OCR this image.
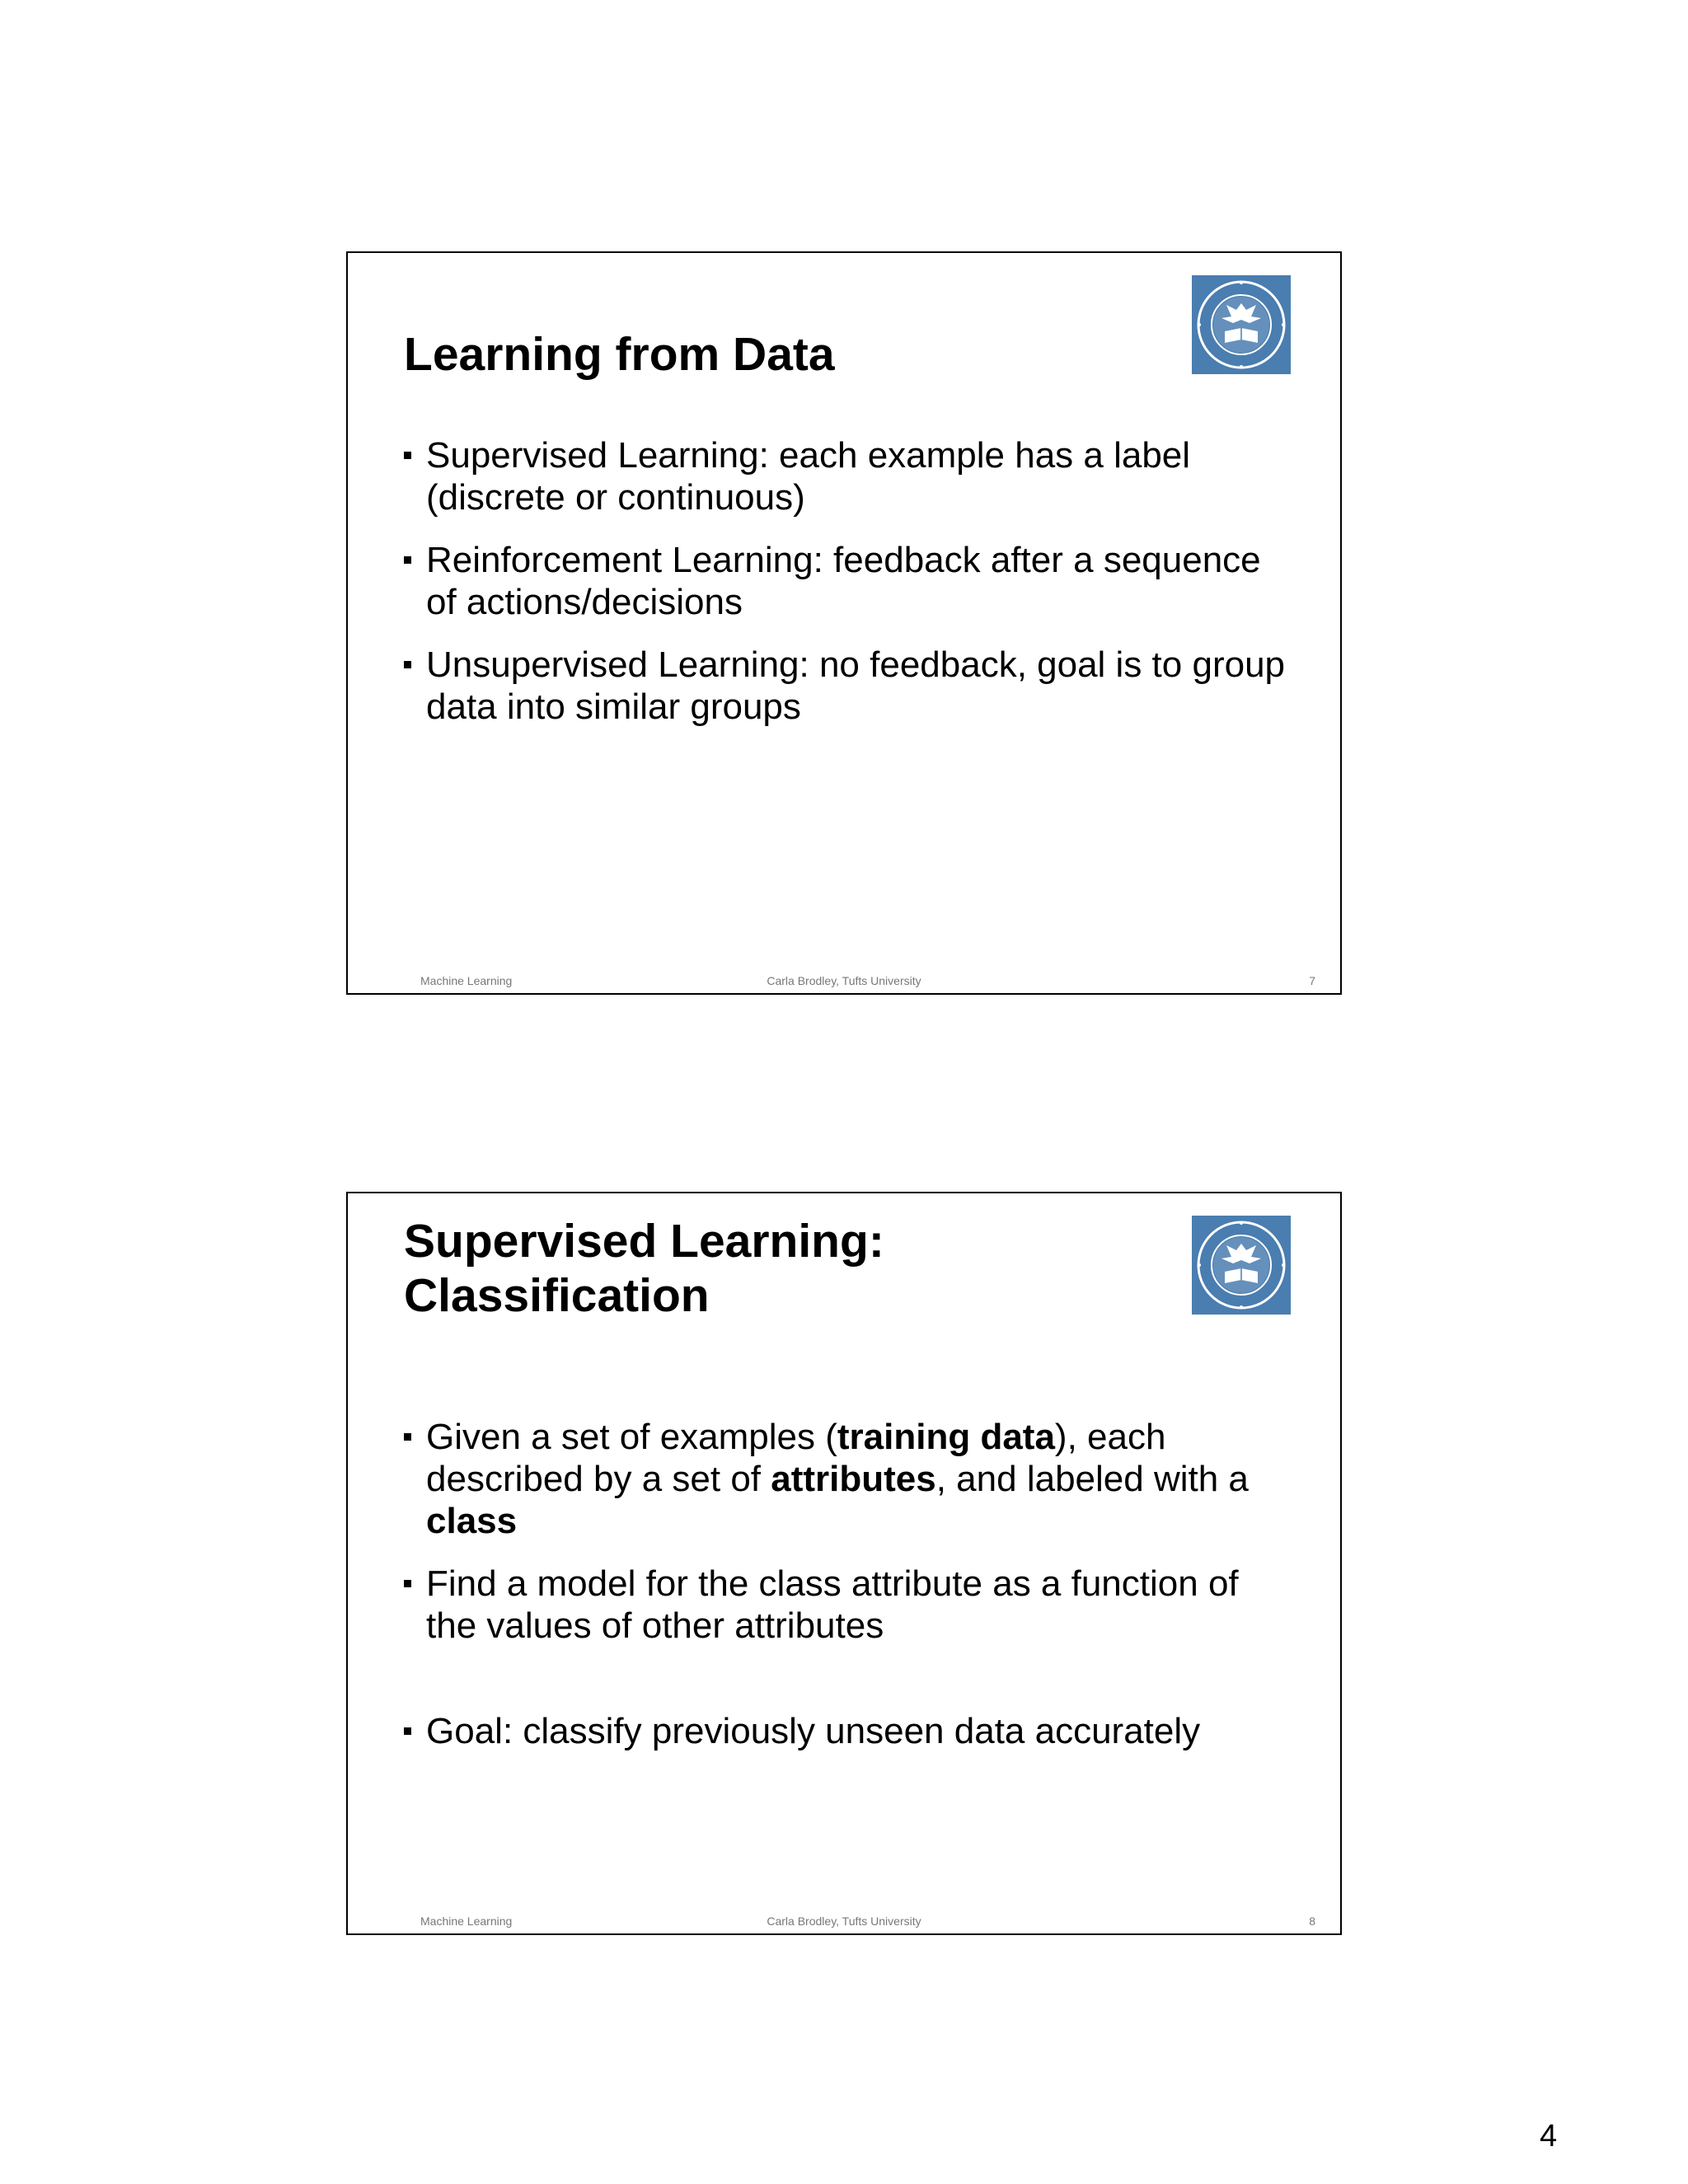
Learning from Data
Supervised Learning: each example has a label (discrete or continuous)
Reinforcement Learning: feedback after a sequence of actions/decisions
Unsupervised Learning: no feedback, goal is to group data into similar groups
Machine Learning	Carla Brodley, Tufts University	7
Supervised Learning:
Classification
Given a set of examples (training data), each described by a set of attributes, and labeled with a class
Find a model for the class attribute as a function of the values of other attributes
Goal: classify previously unseen data accurately
Machine Learning	Carla Brodley, Tufts University	8
4
